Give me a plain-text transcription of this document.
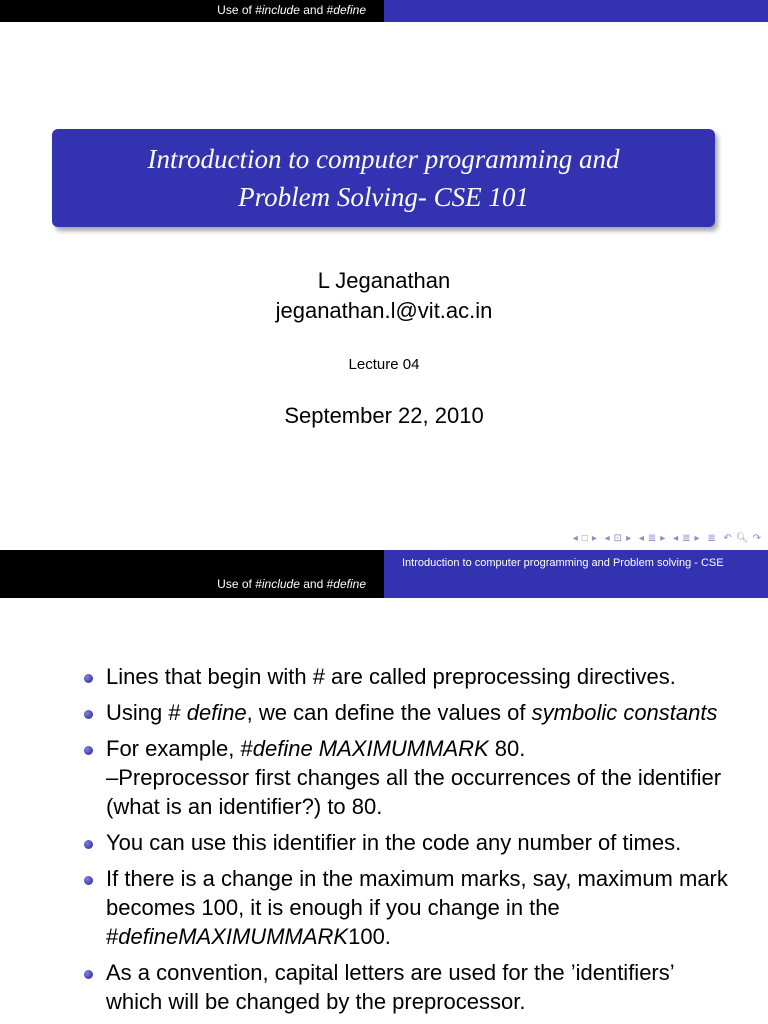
Use of #include and #define
Introduction to computer programming and
Problem Solving- CSE 101
L Jeganathan
jeganathan.l@vit.ac.in
Lecture 04
September 22, 2010
◂ □ ▸ ◂ ⊡ ▸ ◂ ≣ ▸ ◂ ≣ ▸ ≣ ↶ 🔍︎ ↷
Use of #include and #define
Introduction to computer programming and Problem solving - CSE
Lines that begin with # are called preprocessing directives.
Using # define, we can define the values of symbolic constants
For example, #define MAXIMUMMARK 80.
–Preprocessor first changes all the occurrences of the identifier (what is an identifier?) to 80.
You can use this identifier in the code any number of times.
If there is a change in the maximum marks, say, maximum mark becomes 100, it is enough if you change in the #defineMAXIMUMMARK100.
As a convention, capital letters are used for the ’identifiers’ which will be changed by the preprocessor.
